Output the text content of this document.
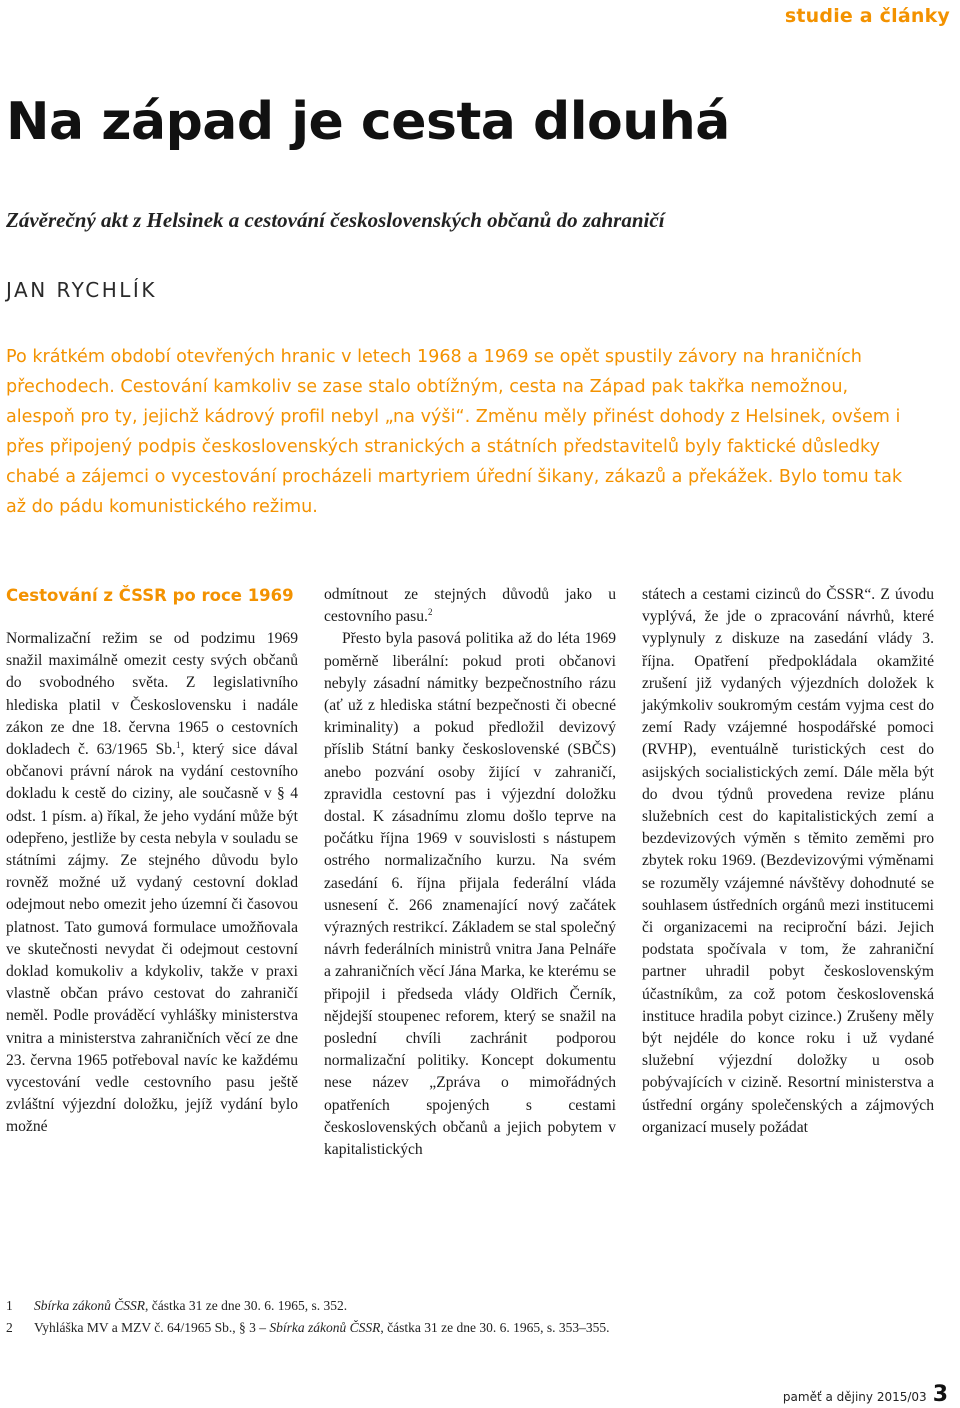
studie a články
Na západ je cesta dlouhá
Závěrečný akt z Helsinek a cestování československých občanů do zahraničí
JAN RYCHLÍK

Po krátkém období otevřených hranic v letech 1968 a 1969 se opět spustily závory na hraničních přechodech. Cestování kamkoliv se zase stalo obtížným, cesta na Západ pak takřka nemožnou, alespoň pro ty, jejichž kádrový profil nebyl „na výši“. Změnu měly přinést dohody z Helsinek, ovšem i přes připojený podpis československých stranických a státních představitelů byly faktické důsledky chabé a zájemci o vycestování procházeli martyriem úřední šikany, zákazů a překážek. Bylo tomu tak až do pádu komunistického režimu.

Cestování z ČSSR po roce 1969

Normalizační režim se od podzimu 1969 snažil maximálně omezit cesty svých občanů do svobodného světa. Z legislativního hlediska platil v Československu i nadále zákon ze dne 18. června 1965 o cestovních dokladech č. 63/1965 Sb.$^1$, který sice dával občanovi právní nárok na vydání cestovního dokladu k cestě do ciziny, ale současně v § 4 odst. 1 písm. a) říkal, že jeho vydání může být odepřeno, jestliže by cesta nebyla v souladu se státními zájmy. Ze stejného důvodu bylo rovněž možné už vydaný cestovní doklad odejmout nebo omezit jeho územní či časovou platnost. Tato gumová formulace umožňovala ve skutečnosti nevydat či odejmout cestovní doklad komukoliv a kdykoliv, takže v praxi vlastně občan právo cestovat do zahraničí neměl. Podle prováděcí vyhlášky ministerstva vnitra a ministerstva zahraničních věcí ze dne 23. června 1965 potřeboval navíc ke každému vycestování vedle cestovního pasu ještě zvláštní výjezdní doložku, jejíž vydání bylo možné

odmítnout ze stejných důvodů jako u cestovního pasu.$^2$

Přesto byla pasová politika až do léta 1969 poměrně liberální: pokud proti občanovi nebyly zásadní námitky bezpečnostního rázu (ať už z hlediska státní bezpečnosti či obecné kriminality) a pokud předložil devizový příslib Státní banky československé (SBČS) anebo pozvání osoby žijící v zahraničí, zpravidla cestovní pas i výjezdní doložku dostal. K zásadnímu zlomu došlo teprve na počátku října 1969 v souvislosti s nástupem ostrého normalizačního kurzu. Na svém zasedání 6. října přijala federální vláda usnesení č. 266 znamenající nový začátek výrazných restrikcí. Základem se stal společný návrh federálních ministrů vnitra Jana Pelnáře a zahraničních věcí Jána Marka, ke kterému se připojil i předseda vlády Oldřich Černík, nějdejší stoupenec reforem, který se snažil na poslední chvíli zachránit podporou normalizační politiky. Koncept dokumentu nese název „Zpráva o mimořádných opatřeních spojených s cestami československých občanů a jejich pobytem v kapitalistických

státech a cestami cizinců do ČSSR“. Z úvodu vyplývá, že jde o zpracování návrhů, které vyplynuly z diskuze na zasedání vlády 3. října. Opatření předpokládala okamžité zrušení již vydaných výjezdních doložek k jakýmkoliv soukromým cestám vyjma cest do zemí Rady vzájemné hospodářské pomoci (RVHP), eventuálně turistických cest do asijských socialistických zemí. Dále měla být do dvou týdnů provedena revize plánu služebních cest do kapitalistických zemí a bezdevizových výměn s těmito zeměmi pro zbytek roku 1969. (Bezdevizovými výměnami se rozuměly vzájemné návštěvy dohodnuté se souhlasem ústředních orgánů mezi institucemi či organizacemi na reciproční bázi. Jejich podstata spočívala v tom, že zahraniční partner uhradil pobyt československým účastníkům, za což potom československá instituce hradila pobyt cizince.) Zrušeny měly být nejdéle do konce roku i už vydané služební výjezdní doložky u osob pobývajících v cizině. Resortní ministerstva a ústřední orgány společenských a zájmových organizací musely požádat

1	Sbírka zákonů ČSSR, částka 31 ze dne 30. 6. 1965, s. 352.
2	Vyhláška MV a MZV č. 64/1965 Sb., § 3 – Sbírka zákonů ČSSR, částka 31 ze dne 30. 6. 1965, s. 353–355.
paměť a dějiny 2015/03 3
